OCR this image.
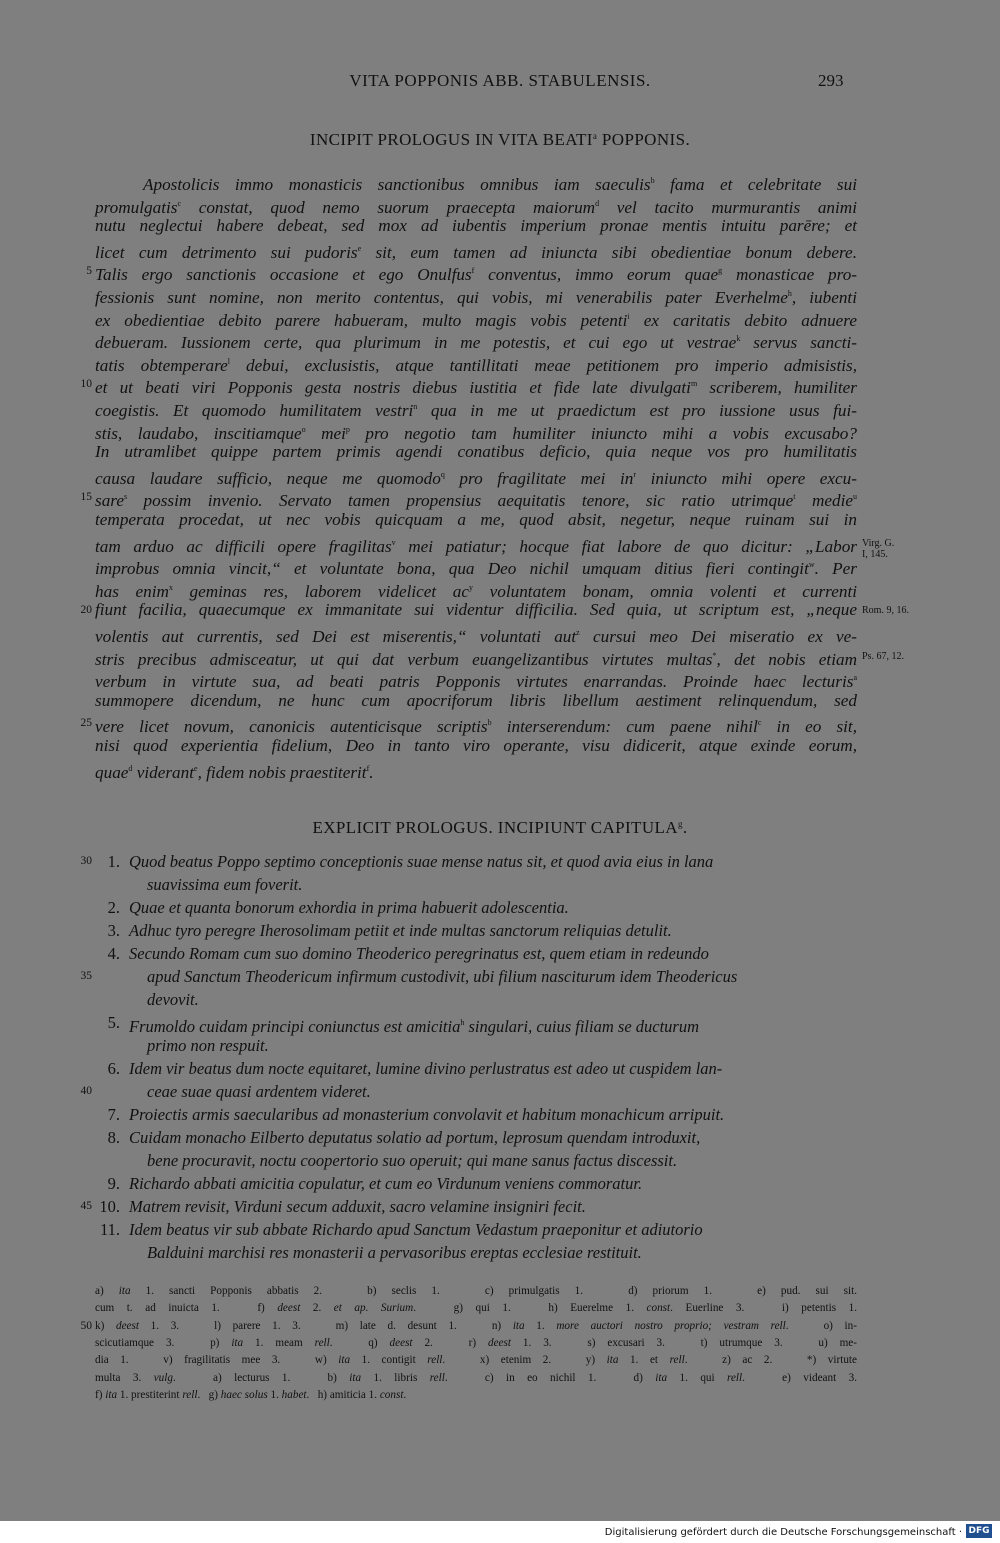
VITA POPPONIS ABB. STABULENSIS.	293
INCIPIT PROLOGUS IN VITA BEATI$^a$ POPPONIS.
Apostolicis immo monasticis sanctionibus omnibus iam saeculis$^b$ fama et celebritate sui
promulgatis$^c$ constat, quod nemo suorum praecepta maiorum$^d$ vel tacito murmurantis animi
nutu neglectui habere debeat, sed mox ad iubentis imperium pronae mentis intuitu parēre; et
licet cum detrimento sui pudoris$^e$ sit, eum tamen ad iniuncta sibi obedientiae bonum debere.
Talis ergo sanctionis occasione et ego Onulfus$^f$ conventus, immo eorum quae$^g$ monasticae pro-
fessionis sunt nomine, non merito contentus, qui vobis, mi venerabilis pater Everhelme$^h$, iubenti
ex obedientiae debito parere habueram, multo magis vobis petenti$^i$ ex caritatis debito adnuere
debueram. Iussionem certe, qua plurimum in me potestis, et cui ego ut vestrae$^k$ servus sancti-
tatis obtemperare$^l$ debui, exclusistis, atque tantillitati meae petitionem pro imperio admisistis,
et ut beati viri Popponis gesta nostris diebus iustitia et fide late divulgati$^m$ scriberem, humiliter
coegistis. Et quomodo humilitatem vestri$^n$ qua in me ut praedictum est pro iussione usus fui-
stis, laudabo, inscitiamque$^o$ mei$^p$ pro negotio tam humiliter iniuncto mihi a vobis excusabo?
In utramlibet quippe partem primis agendi conatibus deficio, quia neque vos pro humilitatis
causa laudare sufficio, neque me quomodo$^q$ pro fragilitate mei $in^r$ iniuncto mihi opere excu-
sare$^s$ possim invenio. Servato tamen propensius aequitatis tenore, sic ratio utrimque$^t$ medie$^u$
temperata procedat, ut nec vobis quicquam a me, quod absit, negetur, neque ruinam sui in
tam arduo ac difficili opere fragilitas$^v$ mei patiatur; hocque fiat labore de quo dicitur: „Labor
improbus omnia vincit,“ et voluntate bona, qua Deo nichil umquam ditius fieri contingit$^w$. Per
has enim$^x$ geminas res, laborem videlicet $ac^y$ voluntatem bonam, omnia volenti et currenti
fiunt facilia, quaecumque ex immanitate sui videntur difficilia. Sed quia, ut scriptum est, „neque
volentis aut currentis, sed Dei est miserentis,“ voluntati aut$^z$ cursui meo Dei miseratio ex ve-
stris precibus admisceatur, ut qui dat verbum euangelizantibus virtutes multas*, det nobis etiam
verbum in virtute sua, ad beati patris Popponis virtutes enarrandas. Proinde haec lecturis$^a$
summopere dicendum, ne hunc cum apocriforum libris libellum aestiment relinquendum, sed
vere licet novum, canonicis autenticisque scriptis$^b$ interserendum: cum paene nihil$^c$ in eo sit,
nisi quod experientia fidelium, Deo in tanto viro operante, visu didicerit, atque exinde eorum,
quae$^d$ viderant$^e$, fidem nobis praestiterit$^f$.
5
10
15
20
25
Virg. G.
I, 145.
Rom. 9, 16.
Ps. 67, 12.
EXPLICIT PROLOGUS. INCIPIUNT CAPITULA$^g$.
1. Quod beatus Poppo septimo conceptionis suae mense natus sit, et quod avia eius in lana
suavissima eum foverit.
2. Quae et quanta bonorum exhordia in prima habuerit adolescentia.
3. Adhuc tyro peregre Iherosolimam petiit et inde multas sanctorum reliquias detulit.
4. Secundo Romam cum suo domino Theoderico peregrinatus est, quem etiam in redeundo
apud Sanctum Theodericum infirmum custodivit, ubi filium nasciturum idem Theodericus
devovit.
5. Frumoldo cuidam principi coniunctus est amicitia$^h$ singulari, cuius filiam se ducturum
primo non respuit.
6. Idem vir beatus dum nocte equitaret, lumine divino perlustratus est adeo ut cuspidem lan-
ceae suae quasi ardentem videret.
7. Proiectis armis saecularibus ad monasterium convolavit et habitum monachicum arripuit.
8. Cuidam monacho Eilberto deputatus solatio ad portum, leprosum quendam introduxit,
bene procuravit, noctu coopertorio suo operuit; qui mane sanus factus discessit.
9. Richardo abbati amicitia copulatur, et cum eo Virdunum veniens commoratur.
10. Matrem revisit, Virduni secum adduxit, sacro velamine insigniri fecit.
11. Idem beatus vir sub abbate Richardo apud Sanctum Vedastum praeponitur et adiutorio
Balduini marchisi res monasterii a pervasoribus ereptas ecclesiae restituit.
30
35
40
45
a) ita 1. sancti Popponis abbatis 2.   b) seclis 1.   c) primulgatis 1.   d) priorum 1.   e) pud. sui sit.
cum t. ad inuicta 1.   f) deest 2. et ap. Surium.   g) qui 1.   h) Euerelme 1. const. Euerline 3.   i) petentis 1.
k) deest 1. 3.   l) parere 1. 3.   m) late d. desunt 1.   n) ita 1. more auctori nostro proprio; vestram rell.   o) in-
scicutiamque 3.   p) ita 1. meam rell.   q) deest 2.   r) deest 1. 3.   s) excusari 3.   t) utrumque 3.   u) me-
dia 1.   v) fragilitatis mee 3.   w) ita 1. contigit rell.   x) etenim 2.   y) ita 1. et rell.   z) ac 2.   *) virtute
multa 3. vulg.   a) lecturus 1.   b) ita 1. libris rell.   c) in eo nichil 1.   d) ita 1. qui rell.   e) videant 3.
f) ita 1. prestiterint rell.   g) haec solus 1. habet.   h) amiticia 1. const.
50
Digitalisierung gefördert durch die Deutsche Forschungsgemeinschaft · DFG
